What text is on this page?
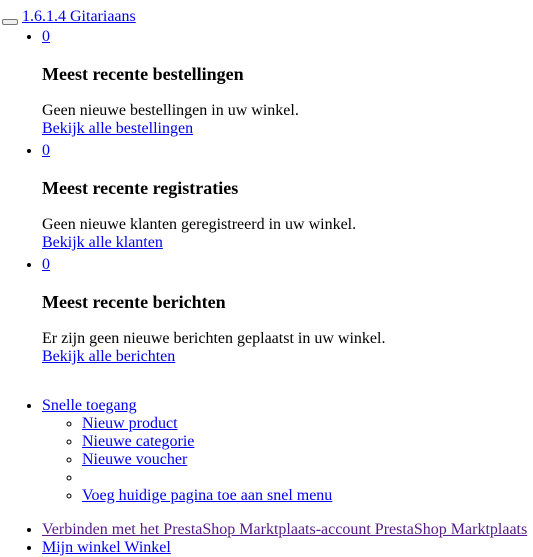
1.6.1.4 Gitariaans
• 0
Meest recente bestellingen

Geen nieuwe bestellingen in uw winkel.

Bekijk alle bestellingen
• 0
Meest recente registraties

Geen nieuwe klanten geregistreerd in uw winkel.

Bekijk alle klanten
• 0
Meest recente berichten

Er zijn geen nieuwe berichten geplaatst in uw winkel.

Bekijk alle berichten
• Snelle toegang
◦ Nieuw product
◦ Nieuwe categorie
◦ Nieuwe voucher
◦
◦ Voeg huidige pagina toe aan snel menu
• Verbinden met het PrestaShop Marktplaats-account PrestaShop Marktplaats
• Mijn winkel Winkel
